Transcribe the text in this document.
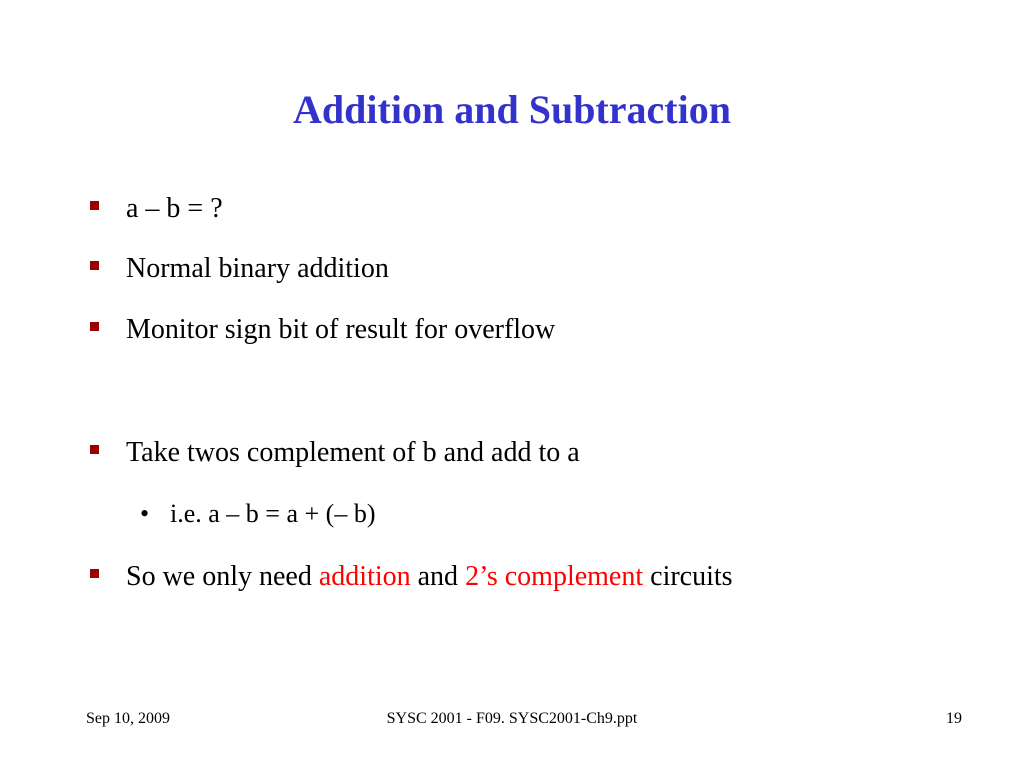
Addition and Subtraction
a – b = ?
Normal binary addition
Monitor sign bit of result for overflow
Take twos complement of b and add to a
• i.e. a – b = a + (– b)
So we only need addition and 2’s complement circuits
SYSC 2001 - F09. SYSC2001-Ch9.ppt
Sep 10, 2009	19
